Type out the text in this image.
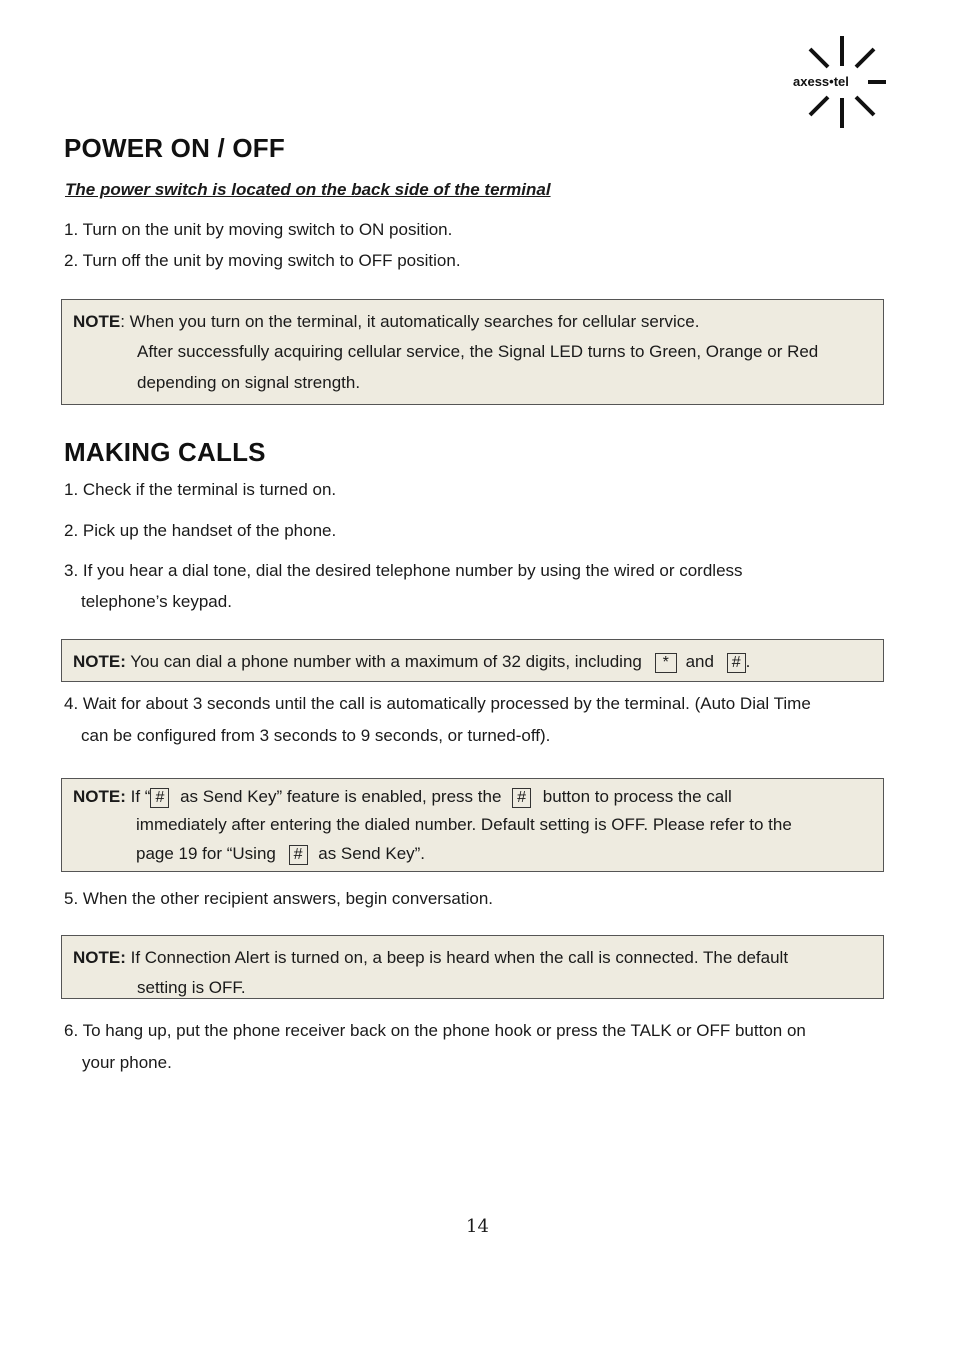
axess•tel
POWER ON / OFF
The power switch is located on the back side of the terminal
1. Turn on the unit by moving switch to ON position.
2. Turn off the unit by moving switch to OFF position.
NOTE: When you turn on the terminal, it automatically searches for cellular service.
After successfully acquiring cellular service, the Signal LED turns to Green, Orange or Red
depending on signal strength.
MAKING CALLS
1. Check if the terminal is turned on.
2. Pick up the handset of the phone.
3. If you hear a dial tone, dial the desired telephone number by using the wired or cordless
telephone’s keypad.
NOTE: You can dial a phone number with a maximum of 32 digits, including * and # .
4. Wait for about 3 seconds until the call is automatically processed by the terminal. (Auto Dial Time
can be configured from 3 seconds to 9 seconds, or turned-off).
NOTE: If “ # as Send Key” feature is enabled, press the # button to process the call
immediately after entering the dialed number. Default setting is OFF. Please refer to the
page 19 for “Using # as Send Key”.
5. When the other recipient answers, begin conversation.
NOTE: If Connection Alert is turned on, a beep is heard when the call is connected. The default
setting is OFF.
6. To hang up, put the phone receiver back on the phone hook or press the TALK or OFF button on
your phone.
14
